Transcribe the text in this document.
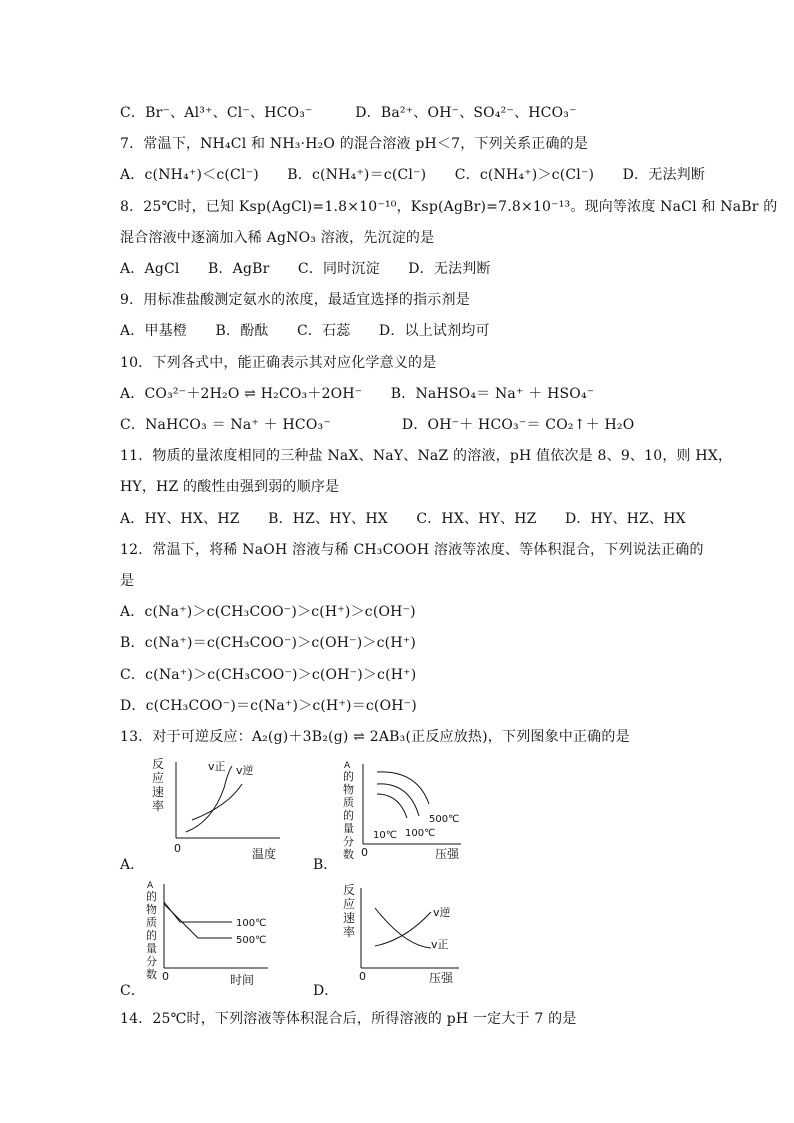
C．Br⁻、Al³⁺、Cl⁻、HCO₃⁻　　　D．Ba²⁺、OH⁻、SO₄²⁻、HCO₃⁻
7．常温下，NH₄Cl 和 NH₃·H₂O 的混合溶液 pH＜7，下列关系正确的是
A．c(NH₄⁺)＜c(Cl⁻)　　B．c(NH₄⁺)＝c(Cl⁻)　　C．c(NH₄⁺)＞c(Cl⁻)　　D．无法判断
8．25℃时，已知 Ksp(AgCl)=1.8×10⁻¹⁰，Ksp(AgBr)=7.8×10⁻¹³。现向等浓度 NaCl 和 NaBr 的
混合溶液中逐滴加入稀 AgNO₃ 溶液，先沉淀的是
A．AgCl　　B．AgBr　　C．同时沉淀　　D．无法判断
9．用标准盐酸测定氨水的浓度，最适宜选择的指示剂是
A．甲基橙　　B．酚酞　　C．石蕊　　D．以上试剂均可
10．下列各式中，能正确表示其对应化学意义的是
A．CO₃²⁻＋2H₂O ⇌ H₂CO₃＋2OH⁻　　B．NaHSO₄＝ Na⁺ ＋ HSO₄⁻
C．NaHCO₃ ＝ Na⁺ ＋ HCO₃⁻　　　　　D．OH⁻＋ HCO₃⁻＝ CO₂↑＋ H₂O
11．物质的量浓度相同的三种盐 NaX、NaY、NaZ 的溶液，pH 值依次是 8、9、10，则 HX，
HY，HZ 的酸性由强到弱的顺序是
A．HY、HX、HZ　　B．HZ、HY、HX　　C．HX、HY、HZ　　D．HY、HZ、HX
12．常温下，将稀 NaOH 溶液与稀 CH₃COOH 溶液等浓度、等体积混合，下列说法正确的
是
A．c(Na⁺)＞c(CH₃COO⁻)＞c(H⁺)＞c(OH⁻)
B．c(Na⁺)＝c(CH₃COO⁻)＞c(OH⁻)＞c(H⁺)
C．c(Na⁺)＞c(CH₃COO⁻)＞c(OH⁻)＞c(H⁺)
D．c(CH₃COO⁻)＝c(Na⁺)＞c(H⁺)＝c(OH⁻)
13．对于可逆反应：A₂(g)＋3B₂(g) ⇌ 2AB₃(正反应放热)，下列图象中正确的是
14．25℃时，下列溶液等体积混合后，所得溶液的 pH 一定大于 7 的是
反
应
速
率
v正 v逆
0	温度
A．
A
的
物
质
的
量
分
数
10℃ 100℃
500℃
0	压强
B．
A
的
物
质
的
量
分
数
100℃
500℃
0	时间
C．
反
应
速
率
v逆
v正
0	压强
D．
